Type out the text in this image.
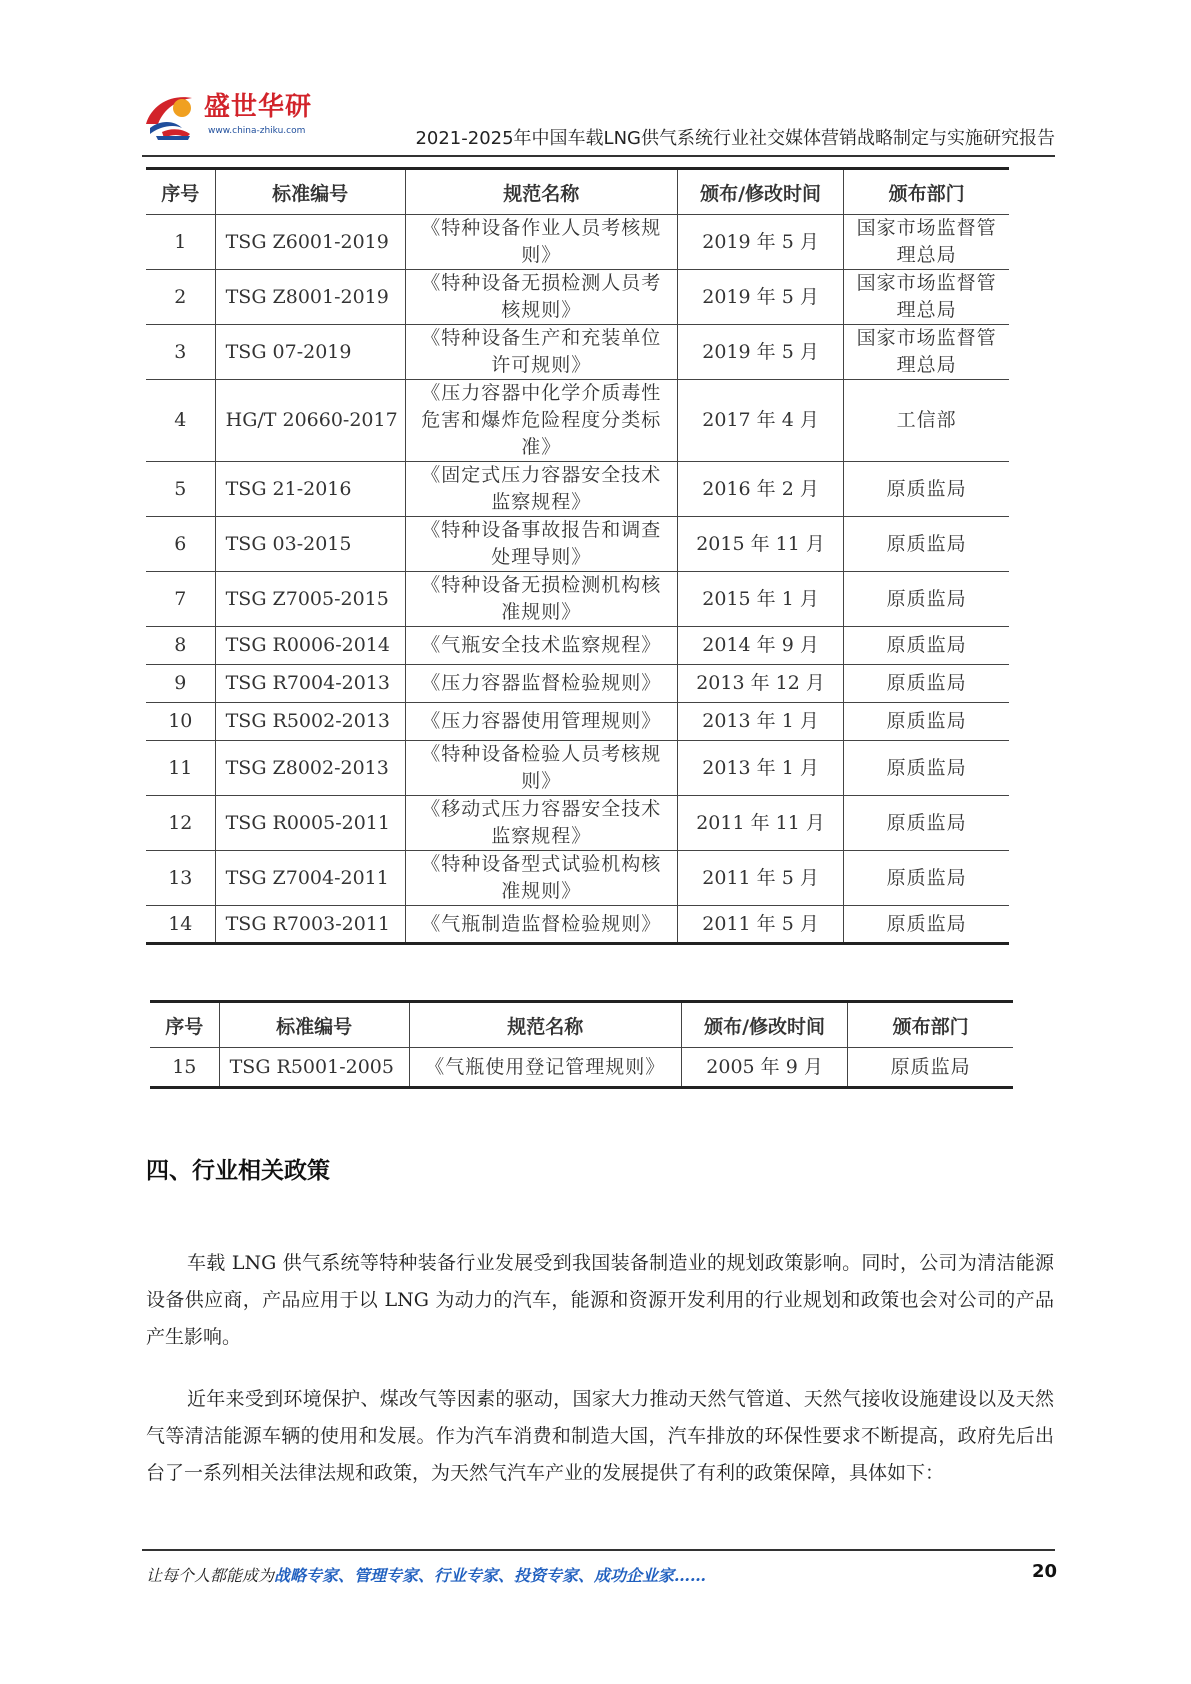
盛世华研
www.china-zhiku.com	2021-2025年中国车载LNG供气系统行业社交媒体营销战略制定与实施研究报告
序号	标准编号	规范名称	颁布/修改时间	颁布部门
1	TSG Z6001-2019	《特种设备作业人员考核规则》	2019 年 5 月	国家市场监督管理总局
2	TSG Z8001-2019	《特种设备无损检测人员考核规则》	2019 年 5 月	国家市场监督管理总局
3	TSG 07-2019	《特种设备生产和充装单位许可规则》	2019 年 5 月	国家市场监督管理总局
4	HG/T 20660-2017	《压力容器中化学介质毒性危害和爆炸危险程度分类标准》	2017 年 4 月	工信部
5	TSG 21-2016	《固定式压力容器安全技术监察规程》	2016 年 2 月	原质监局
6	TSG 03-2015	《特种设备事故报告和调查处理导则》	2015 年 11 月	原质监局
7	TSG Z7005-2015	《特种设备无损检测机构核准规则》	2015 年 1 月	原质监局
8	TSG R0006-2014	《气瓶安全技术监察规程》	2014 年 9 月	原质监局
9	TSG R7004-2013	《压力容器监督检验规则》	2013 年 12 月	原质监局
10	TSG R5002-2013	《压力容器使用管理规则》	2013 年 1 月	原质监局
11	TSG Z8002-2013	《特种设备检验人员考核规则》	2013 年 1 月	原质监局
12	TSG R0005-2011	《移动式压力容器安全技术监察规程》	2011 年 11 月	原质监局
13	TSG Z7004-2011	《特种设备型式试验机构核准规则》	2011 年 5 月	原质监局
14	TSG R7003-2011	《气瓶制造监督检验规则》	2011 年 5 月	原质监局
序号	标准编号	规范名称	颁布/修改时间	颁布部门
15	TSG R5001-2005	《气瓶使用登记管理规则》	2005 年 9 月	原质监局
四、行业相关政策

车载 LNG 供气系统等特种装备行业发展受到我国装备制造业的规划政策影响。同时，公司为清洁能源设备供应商，产品应用于以 LNG 为动力的汽车，能源和资源开发利用的行业规划和政策也会对公司的产品产生影响。

近年来受到环境保护、煤改气等因素的驱动，国家大力推动天然气管道、天然气接收设施建设以及天然气等清洁能源车辆的使用和发展。作为汽车消费和制造大国，汽车排放的环保性要求不断提高，政府先后出台了一系列相关法律法规和政策，为天然气汽车产业的发展提供了有利的政策保障，具体如下：

让每个人都能成为战略专家、管理专家、行业专家、投资专家、成功企业家……	20
